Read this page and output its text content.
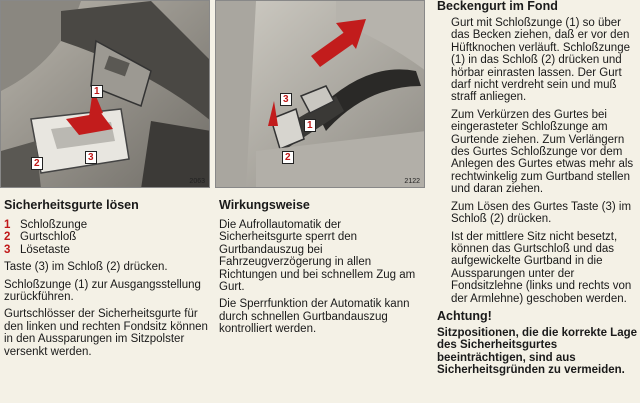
1
2
3
2063
1
2
3
2122
Sicherheitsgurte lösen
1 Schloßzunge
2 Gurtschloß
3 Lösetaste

Taste (3) im Schloß (2) drücken.

Schloßzunge (1) zur Ausgangsstellung zurückführen.

Gurtschlösser der Sicherheitsgurte für den linken und rechten Fondsitz können in den Aussparungen im Sitzpolster versenkt werden.

Wirkungsweise

Die Aufrollautomatik der Sicherheitsgurte sperrt den Gurtbandauszug bei Fahrzeugverzögerung in allen Richtungen und bei schnellem Zug am Gurt.

Die Sperrfunktion der Automatik kann durch schnellen Gurtbandauszug kontrolliert werden.

Beckengurt im Fond

Gurt mit Schloßzunge (1) so über das Becken ziehen, daß er vor den Hüftknochen verläuft. Schloßzunge (1) in das Schloß (2) drücken und hörbar einrasten lassen. Der Gurt darf nicht verdreht sein und muß straff anliegen.

Zum Verkürzen des Gurtes bei eingerasteter Schloßzunge am Gurtende ziehen. Zum Verlängern des Gurtes Schloßzunge vor dem Anlegen des Gurtes etwas mehr als rechtwinkelig zum Gurtband stellen und daran ziehen.

Zum Lösen des Gurtes Taste (3) im Schloß (2) drücken.

Ist der mittlere Sitz nicht besetzt, können das Gurtschloß und das aufgewickelte Gurtband in die Aussparungen unter der Fondsitzlehne (links und rechts von der Armlehne) geschoben werden.

Achtung!

Sitzpositionen, die die korrekte Lage des Sicherheitsgurtes beeinträchtigen, sind aus Sicherheitsgründen zu vermeiden.
